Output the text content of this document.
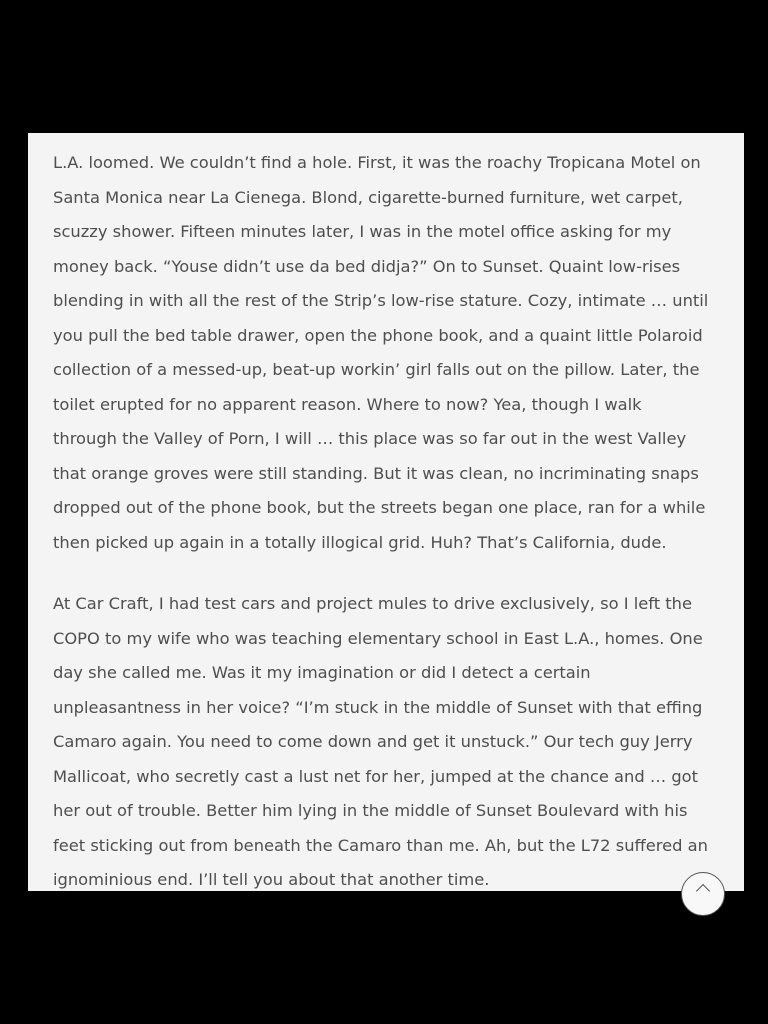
L.A. loomed. We couldn’t find a hole. First, it was the roachy Tropicana Motel on
Santa Monica near La Cienega. Blond, cigarette-burned furniture, wet carpet,
scuzzy shower. Fifteen minutes later, I was in the motel office asking for my
money back. “Youse didn’t use da bed didja?” On to Sunset. Quaint low-rises
blending in with all the rest of the Strip’s low-rise stature. Cozy, intimate … until
you pull the bed table drawer, open the phone book, and a quaint little Polaroid
collection of a messed-up, beat-up workin’ girl falls out on the pillow. Later, the
toilet erupted for no apparent reason. Where to now? Yea, though I walk
through the Valley of Porn, I will … this place was so far out in the west Valley
that orange groves were still standing. But it was clean, no incriminating snaps
dropped out of the phone book, but the streets began one place, ran for a while
then picked up again in a totally illogical grid. Huh? That’s California, dude.

At Car Craft, I had test cars and project mules to drive exclusively, so I left the
COPO to my wife who was teaching elementary school in East L.A., homes. One
day she called me. Was it my imagination or did I detect a certain
unpleasantness in her voice? “I’m stuck in the middle of Sunset with that effing
Camaro again. You need to come down and get it unstuck.” Our tech guy Jerry
Mallicoat, who secretly cast a lust net for her, jumped at the chance and … got
her out of trouble. Better him lying in the middle of Sunset Boulevard with his
feet sticking out from beneath the Camaro than me. Ah, but the L72 suffered an
ignominious end. I’ll tell you about that another time.
